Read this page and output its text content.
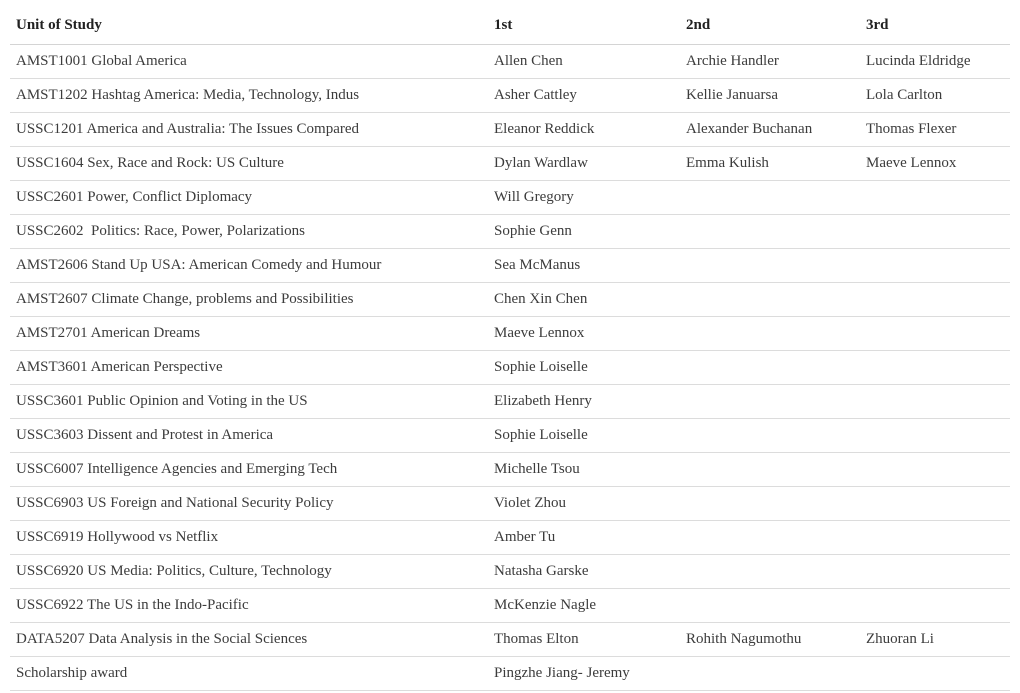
Unit of Study	1st	2nd	3rd
AMST1001 Global America	Allen Chen	Archie Handler	Lucinda Eldridge
AMST1202 Hashtag America: Media, Technology, Indus	Asher Cattley	Kellie Januarsa	Lola Carlton
USSC1201 America and Australia: The Issues Compared	Eleanor Reddick	Alexander Buchanan	Thomas Flexer
USSC1604 Sex, Race and Rock: US Culture	Dylan Wardlaw	Emma Kulish	Maeve Lennox
USSC2601 Power, Conflict Diplomacy	Will Gregory		
USSC2602  Politics: Race, Power, Polarizations	Sophie Genn		
AMST2606 Stand Up USA: American Comedy and Humour	Sea McManus		
AMST2607 Climate Change, problems and Possibilities	Chen Xin Chen		
AMST2701 American Dreams	Maeve Lennox		
AMST3601 American Perspective	Sophie Loiselle		
USSC3601 Public Opinion and Voting in the US	Elizabeth Henry		
USSC3603 Dissent and Protest in America	Sophie Loiselle		
USSC6007 Intelligence Agencies and Emerging Tech	Michelle Tsou		
USSC6903 US Foreign and National Security Policy	Violet Zhou		
USSC6919 Hollywood vs Netflix	Amber Tu		
USSC6920 US Media: Politics, Culture, Technology	Natasha Garske		
USSC6922 The US in the Indo-Pacific	McKenzie Nagle		
DATA5207 Data Analysis in the Social Sciences	Thomas Elton	Rohith Nagumothu	Zhuoran Li
Scholarship award	Pingzhe Jiang- Jeremy		
